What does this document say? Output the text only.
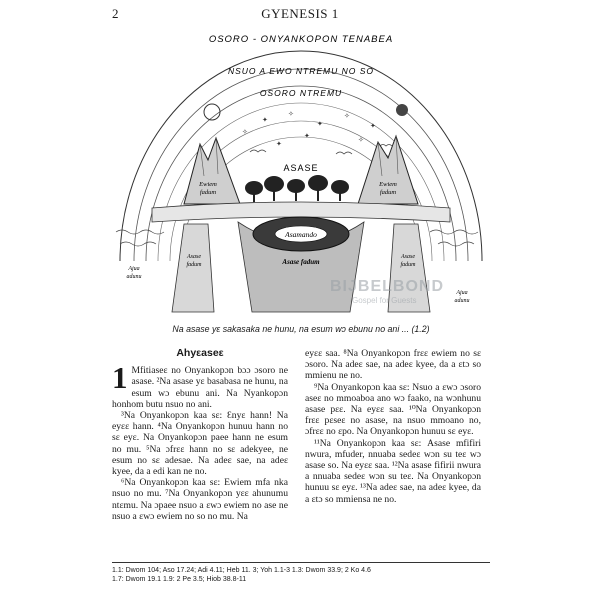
2	GYENESIS 1
OSORO - ONYANKOPON TENABEA
NSUO A EWO NTREMU NO SO
OSORO NTREMU
✦
✧
✦
✧
✦
✧	✦	✧
✦
ASASE
Ewiem
fadum
Ewiem
fadum
Asase
fadum
Asase
fadum
Asamando
Asase fadum
Ajua
adunu
Ajua
adunu
BIJBELBOND
Gospel for Guests
Na asase yɛ sakasaka ne hunu, na esum wɔ ebunu no ani ... (1.2)
Ahyεaseε
1 Mfitiaseε no Onyankopɔn bɔɔ ɔsoro ne asase. ²Na asase yε basabasa ne hunu, na esum wɔ ebunu ani. Na Nyankopɔn honhom butu nsuo no ani.

³Na Onyankopɔn kaa sε: Ɛnyε hann! Na eyεε hann. ⁴Na Onyankopɔn hunuu hann no sε eyε. Na Onyankopɔn paee hann ne esum no mu. ⁵Na ɔfrεε hann no sε adekyee, ne esum no sε adesae. Na adeε sae, na adeε kyee, da a edi kan ne no.

⁶Na Onyankopɔn kaa sε: Ewiem mfa nka nsuo no mu. ⁷Na Onyankopɔn yεε ahunumu ntεmu. Na ɔpaee nsuo a εwɔ ewiem no ase ne nsuo a εwɔ ewiem no so no mu. Na

eyεε saa. ⁸Na Onyankopɔn frεε ewiem no sε ɔsoro. Na adeε sae, na adeε kyee, da a εtɔ so mmienu ne no.

⁹Na Onyankopɔn kaa sε: Nsuo a εwɔ ɔsoro aseε no mmoaboa ano wɔ faako, na wɔnhunu asase pεε. Na eyεε saa. ¹⁰Na Onyankopɔn frεε pεseε no asase, na nsuo mmoano no, ɔfrεε no εpo. Na Onyankopɔn hunuu sε eyε.

¹¹Na Onyankopɔn kaa sε: Asase mfifiri nwura, mfuder, nnuaba sedeε wɔn su teε wɔ asase so. Na eyεε saa. ¹²Na asase fifirii nwura a nnuaba sedeε wɔn su teε. Na Onyankopɔn hunuu sε eyε. ¹³Na adeε sae, na adeε kyee, da a εtɔ so mmiensa ne no.

1.1: Dwom 104; Aso 17.24; Adi 4.11; Heb 11. 3; Yoh 1.1-3 1.3: Dwom 33.9; 2 Ko 4.6
1.7: Dwom 19.1 1.9: 2 Pe 3.5; Hiob 38.8-11
